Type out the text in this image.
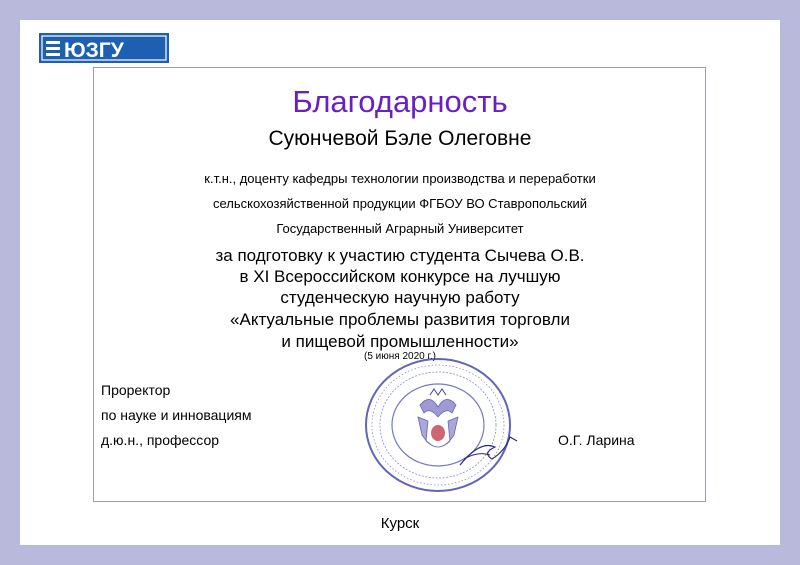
ЮЗГУ
Благодарность
Суюнчевой Бэле Олеговне
к.т.н., доценту кафедры технологии производства и переработки
сельскохозяйственной продукции ФГБОУ ВО Ставропольский
Государственный Аграрный Университет
за подготовку к участию студента Сычева О.В.
в XI Всероссийском конкурсе на лучшую
студенческую научную работу
«Актуальные проблемы развития торговли
и пищевой промышленности»
(5 июня 2020 г.)
Проректор
по науке и инновациям
д.ю.н., профессор	О.Г. Ларина
Курск
